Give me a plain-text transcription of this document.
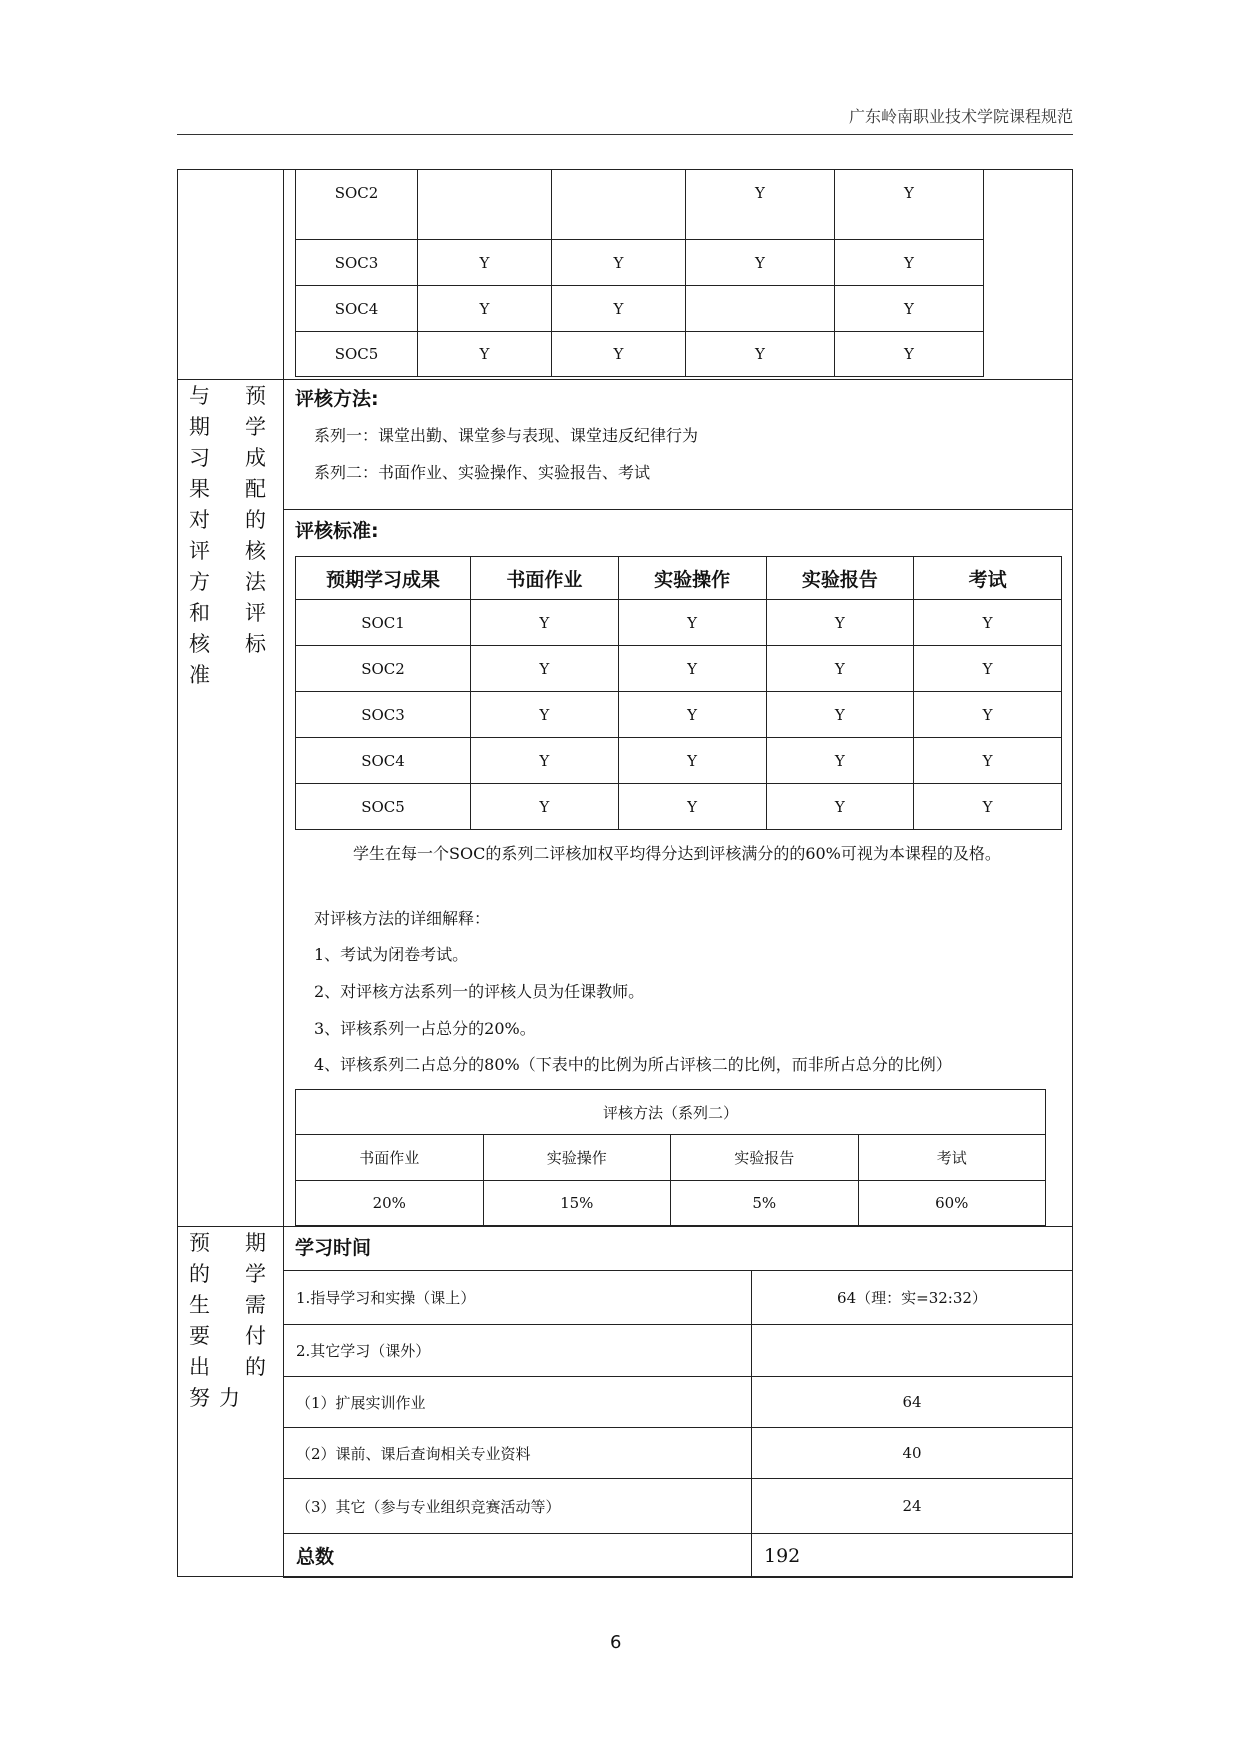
广东岭南职业技术学院课程规范
SOC2			Y	Y
SOC3	Y	Y	Y	Y
SOC4	Y	Y		Y
SOC5	Y	Y	Y	Y
与预期学习成果配对的评核方法和评核标准
评核方法:
系列一：课堂出勤、课堂参与表现、课堂违反纪律行为
系列二：书面作业、实验操作、实验报告、考试
评核标准:
预期学习成果	书面作业	实验操作	实验报告	考试
SOC1	Y	Y	Y	Y
SOC2	Y	Y	Y	Y
SOC3	Y	Y	Y	Y
SOC4	Y	Y	Y	Y
SOC5	Y	Y	Y	Y
学生在每一个SOC的系列二评核加权平均得分达到评核满分的的60%可视为本课程的及格。
对评核方法的详细解释：
1、考试为闭卷考试。
2、对评核方法系列一的评核人员为任课教师。
3、评核系列一占总分的20%。
4、评核系列二占总分的80%（下表中的比例为所占评核二的比例，而非所占总分的比例）
评核方法（系列二）			
书面作业	实验操作	实验报告	考试
20%	15%	5%	60%
预期的学生需要付出的努力
学习时间
1.指导学习和实操（课上）	64（理：实=32:32）
2.其它学习（课外）	
（1）扩展实训作业	64
（2）课前、课后查询相关专业资料	40
（3）其它（参与专业组织竞赛活动等）	24
总数	192
6
